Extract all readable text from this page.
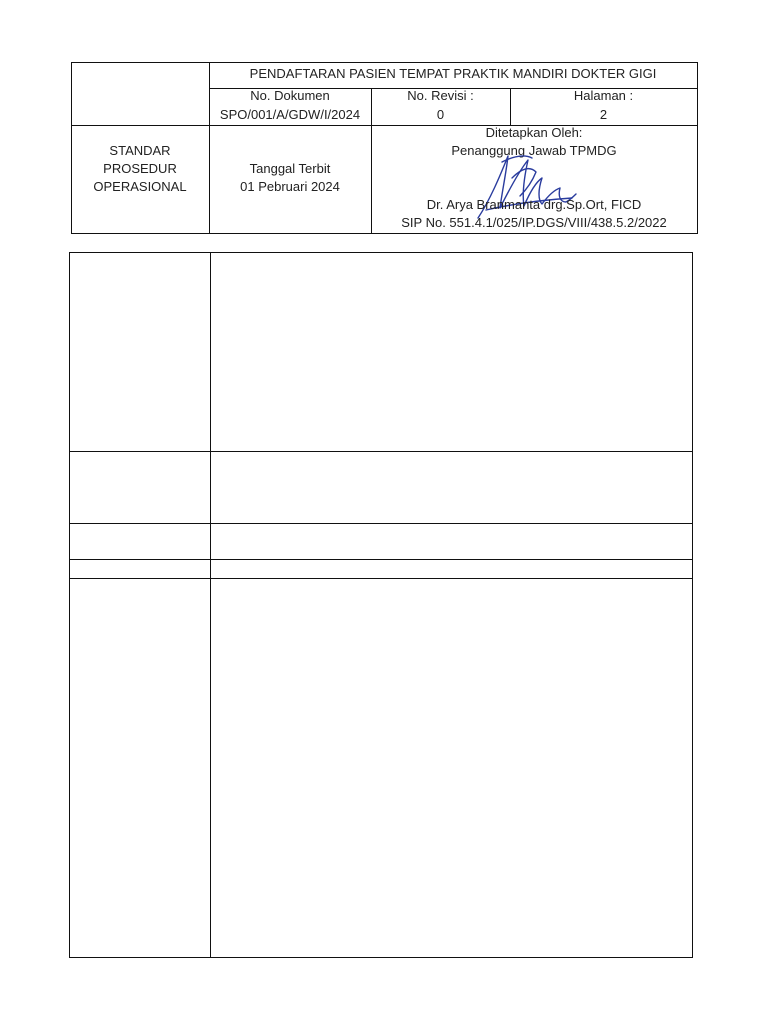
PENDAFTARAN PASIEN TEMPAT PRAKTIK MANDIRI DOKTER GIGI
No. Dokumen
SPO/001/A/GDW/I/2024
No. Revisi :
0
Halaman :
2
STANDAR
PROSEDUR
OPERASIONAL
Tanggal Terbit
01 Pebruari 2024
Ditetapkan Oleh:
Penanggung Jawab TPMDG
Dr. Arya Branmanta drg.Sp.Ort, FICD
SIP No. 551.4.1/025/IP.DGS/VIII/438.5.2/2022
